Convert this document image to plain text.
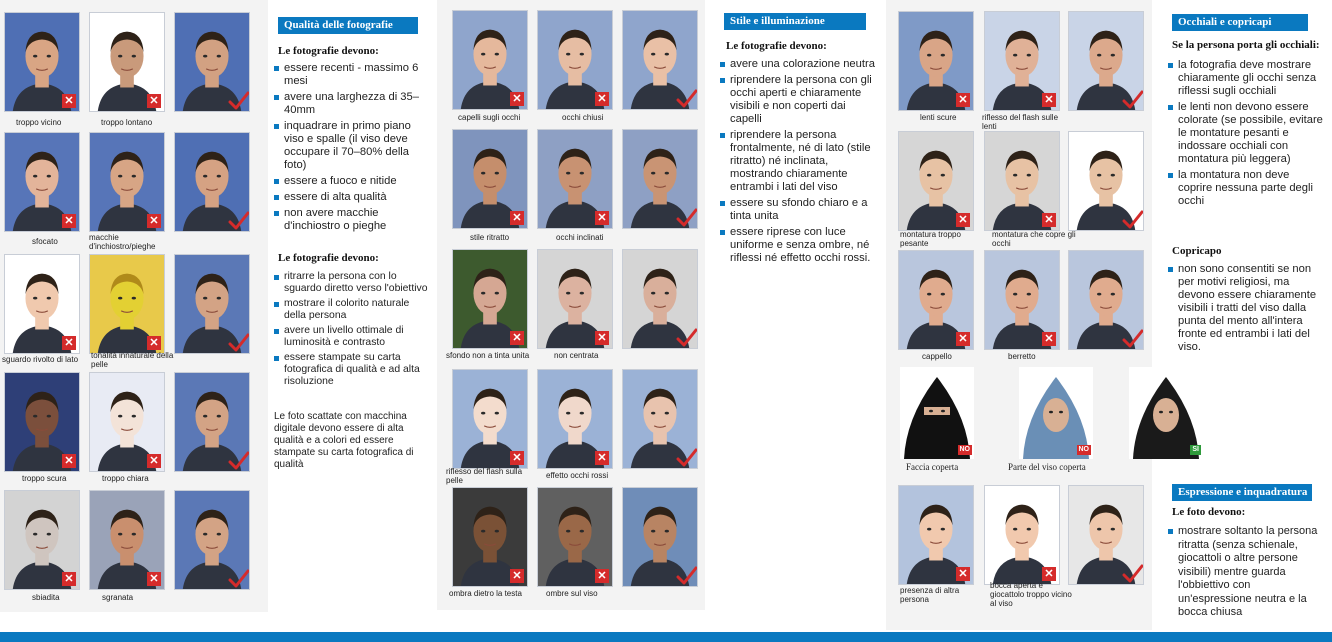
✕	✕
✕	✕
✕	✕
✕	✕
✕	✕
troppo vicino	troppo lontano
sfocato	macchie d'inchiostro/pieghe
sguardo rivolto di lato	tonalità innaturale della pelle
troppo scura	troppo chiara
sbiadita	sgranata
✕	✕
✕	✕
✕	✕
✕	✕
✕	✕
capelli sugli occhi	occhi chiusi
stile ritratto	occhi inclinati
sfondo non a tinta unita	non centrata
riflesso del flash sulla pelle
effetto occhi rossi
ombra dietro la testa	ombre sul viso
✕	✕
✕	✕
✕	✕
✕	✕
lenti scure	riflesso del flash sulle lenti
montatura troppo pesante
montatura che copre gli occhi
cappello	berretto
presenza di altra persona
bocca aperta e giocattolo troppo vicino al viso
NO
Faccia coperta
NO
Parte del viso coperta
SI
Qualità delle fotografie
Le fotografie devono:
essere recenti - massimo 6 mesi
avere una larghezza di 35–40mm
inquadrare in primo piano viso e spalle (il viso deve occupare il 70–80% della foto)
essere a fuoco e nitide
essere di alta qualità
non avere macchie d'inchiostro o pieghe
Le fotografie devono:
ritrarre la persona con lo sguardo diretto verso l'obiettivo
mostrare il colorito naturale della persona
avere un livello ottimale di luminosità e contrasto
essere stampate su carta fotografica di qualità e ad alta risoluzione
Le foto scattate con macchina digitale devono essere di alta qualità e a colori ed essere stampate su carta fotografica di qualità
Stile e illuminazione
Le fotografie devono:
avere una colorazione neutra
riprendere la persona con gli occhi aperti e chiaramente visibili e non coperti dai capelli
riprendere la persona frontalmente, né di lato (stile ritratto) né inclinata, mostrando chiaramente entrambi i lati del viso
essere su sfondo chiaro e a tinta unita
essere riprese con luce uniforme e senza ombre, né riflessi né effetto occhi rossi.
Occhiali e copricapi
Se la persona porta gli occhiali:
la fotografia deve mostrare chiaramente gli occhi senza riflessi sugli occhiali
le lenti non devono essere colorate (se possibile, evitare le montature pesanti e indossare occhiali con montatura più leggera)
la montatura non deve coprire nessuna parte degli occhi
Copricapo
non sono consentiti se non per motivi religiosi, ma devono essere chiaramente visibili i tratti del viso dalla punta del mento all'intera fronte ed entrambi i lati del viso.
Espressione e inquadratura
Le foto devono:
mostrare soltanto la persona ritratta (senza schienale, giocattoli o altre persone visibili) mentre guarda l'obbiettivo con un'espressione neutra e la bocca chiusa
